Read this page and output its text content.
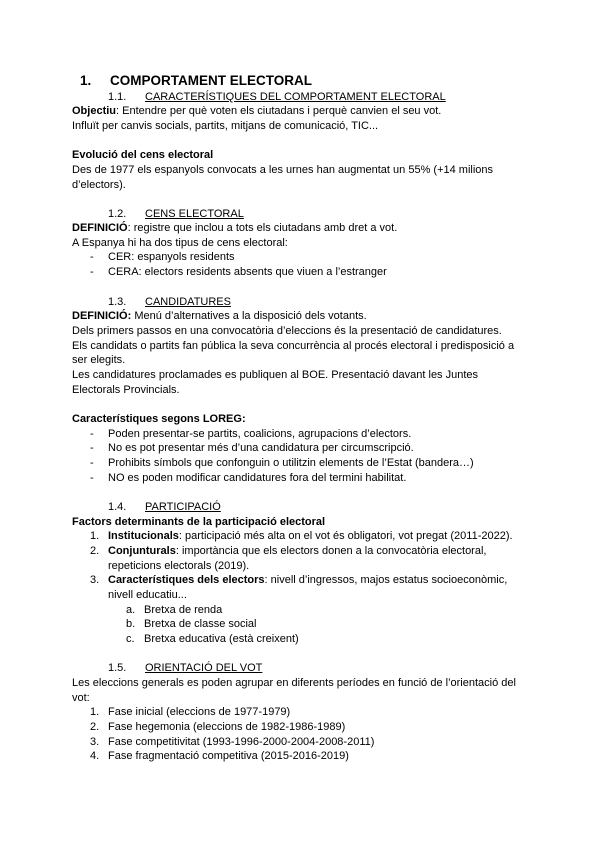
1. COMPORTAMENT ELECTORAL
1.1. CARACTERÍSTIQUES DEL COMPORTAMENT ELECTORAL
Objectiu: Entendre per què voten els ciutadans i perquè canvien el seu vot.
Influït per canvis socials, partits, mitjans de comunicació, TIC...
Evolució del cens electoral
Des de 1977 els espanyols convocats a les urnes han augmentat un 55% (+14 milions
d’electors).
1.2. CENS ELECTORAL
DEFINICIÓ: registre que inclou a tots els ciutadans amb dret a vot.
A Espanya hi ha dos tipus de cens electoral:
- CER: espanyols residents
- CERA: electors residents absents que viuen a l’estranger
1.3. CANDIDATURES
DEFINICIÓ: Menú d’alternatives a la disposició dels votants.
Dels primers passos en una convocatòria d’eleccions és la presentació de candidatures.
Els candidats o partits fan pública la seva concurrència al procés electoral i predisposició a
ser elegits.
Les candidatures proclamades es publiquen al BOE. Presentació davant les Juntes
Electorals Provincials.
Característiques segons LOREG:
- Poden presentar-se partits, coalicions, agrupacions d’electors.
- No es pot presentar més d’una candidatura per circumscripció.
- Prohibits símbols que confonguin o utilitzin elements de l’Estat (bandera…)
- NO es poden modificar candidatures fora del termini habilitat.
1.4. PARTICIPACIÓ
Factors determinants de la participació electoral
1. Institucionals: participació més alta on el vot és obligatori, vot pregat (2011-2022).
2. Conjunturals: importància que els electors donen a la convocatòria electoral,
repeticions electorals (2019).
3. Característiques dels electors: nivell d’ingressos, majos estatus socioeconòmic,
nivell educatiu...
a. Bretxa de renda
b. Bretxa de classe social
c. Bretxa educativa (està creixent)
1.5. ORIENTACIÓ DEL VOT
Les eleccions generals es poden agrupar en diferents períodes en funció de l’orientació del
vot:
1. Fase inicial (eleccions de 1977-1979)
2. Fase hegemonia (eleccions de 1982-1986-1989)
3. Fase competitivitat (1993-1996-2000-2004-2008-2011)
4. Fase fragmentació competitiva (2015-2016-2019)
